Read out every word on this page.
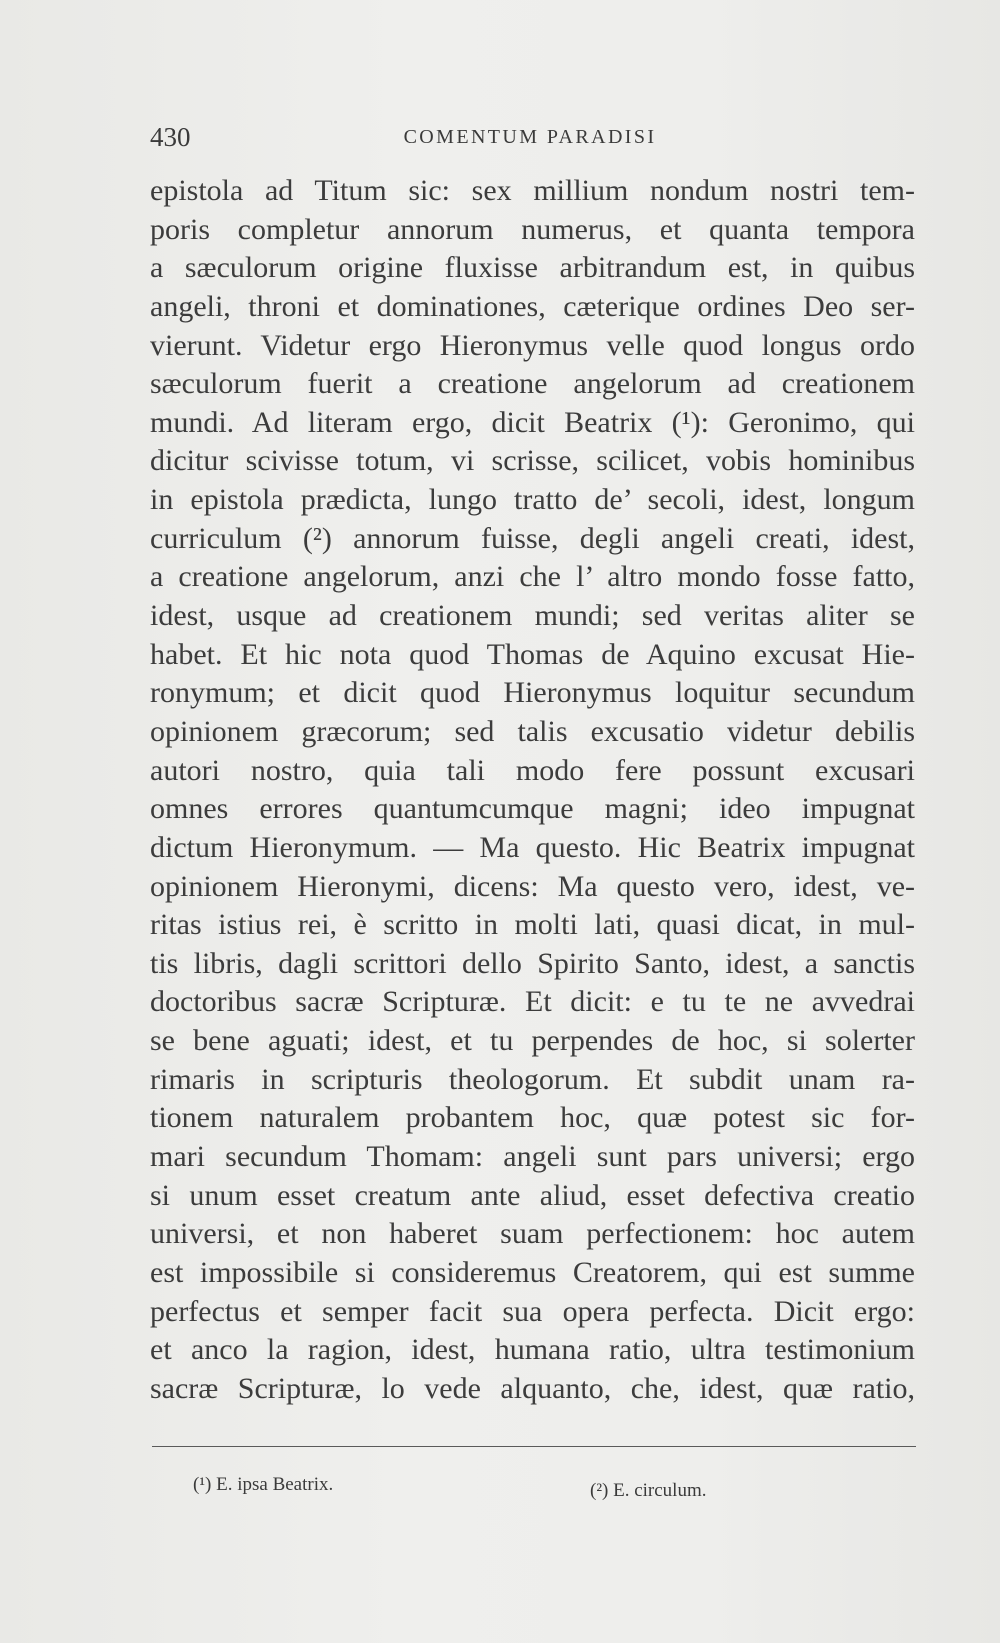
430	COMENTUM PARADISI
epistola ad Titum sic: sex millium nondum nostri tem-
poris completur annorum numerus, et quanta tempora
a sæculorum origine fluxisse arbitrandum est, in quibus
angeli, throni et dominationes, cæterique ordines Deo ser-
vierunt. Videtur ergo Hieronymus velle quod longus ordo
sæculorum fuerit a creatione angelorum ad creationem
mundi. Ad literam ergo, dicit Beatrix (¹): Geronimo, qui
dicitur scivisse totum, vi scrisse, scilicet, vobis hominibus
in epistola prædicta, lungo tratto de’ secoli, idest, longum
curriculum (²) annorum fuisse, degli angeli creati, idest,
a creatione angelorum, anzi che l’ altro mondo fosse fatto,
idest, usque ad creationem mundi; sed veritas aliter se
habet. Et hic nota quod Thomas de Aquino excusat Hie-
ronymum; et dicit quod Hieronymus loquitur secundum
opinionem græcorum; sed talis excusatio videtur debilis
autori nostro, quia tali modo fere possunt excusari
omnes errores quantumcumque magni; ideo impugnat
dictum Hieronymum. — Ma questo. Hic Beatrix impugnat
opinionem Hieronymi, dicens: Ma questo vero, idest, ve-
ritas istius rei, è scritto in molti lati, quasi dicat, in mul-
tis libris, dagli scrittori dello Spirito Santo, idest, a sanctis
doctoribus sacræ Scripturæ. Et dicit: e tu te ne avvedrai
se bene aguati; idest, et tu perpendes de hoc, si solerter
rimaris in scripturis theologorum. Et subdit unam ra-
tionem naturalem probantem hoc, quæ potest sic for-
mari secundum Thomam: angeli sunt pars universi; ergo
si unum esset creatum ante aliud, esset defectiva creatio
universi, et non haberet suam perfectionem: hoc autem
est impossibile si consideremus Creatorem, qui est summe
perfectus et semper facit sua opera perfecta. Dicit ergo:
et anco la ragion, idest, humana ratio, ultra testimonium
sacræ Scripturæ, lo vede alquanto, che, idest, quæ ratio,
(¹) E. ipsa Beatrix.	(²) E. circulum.
